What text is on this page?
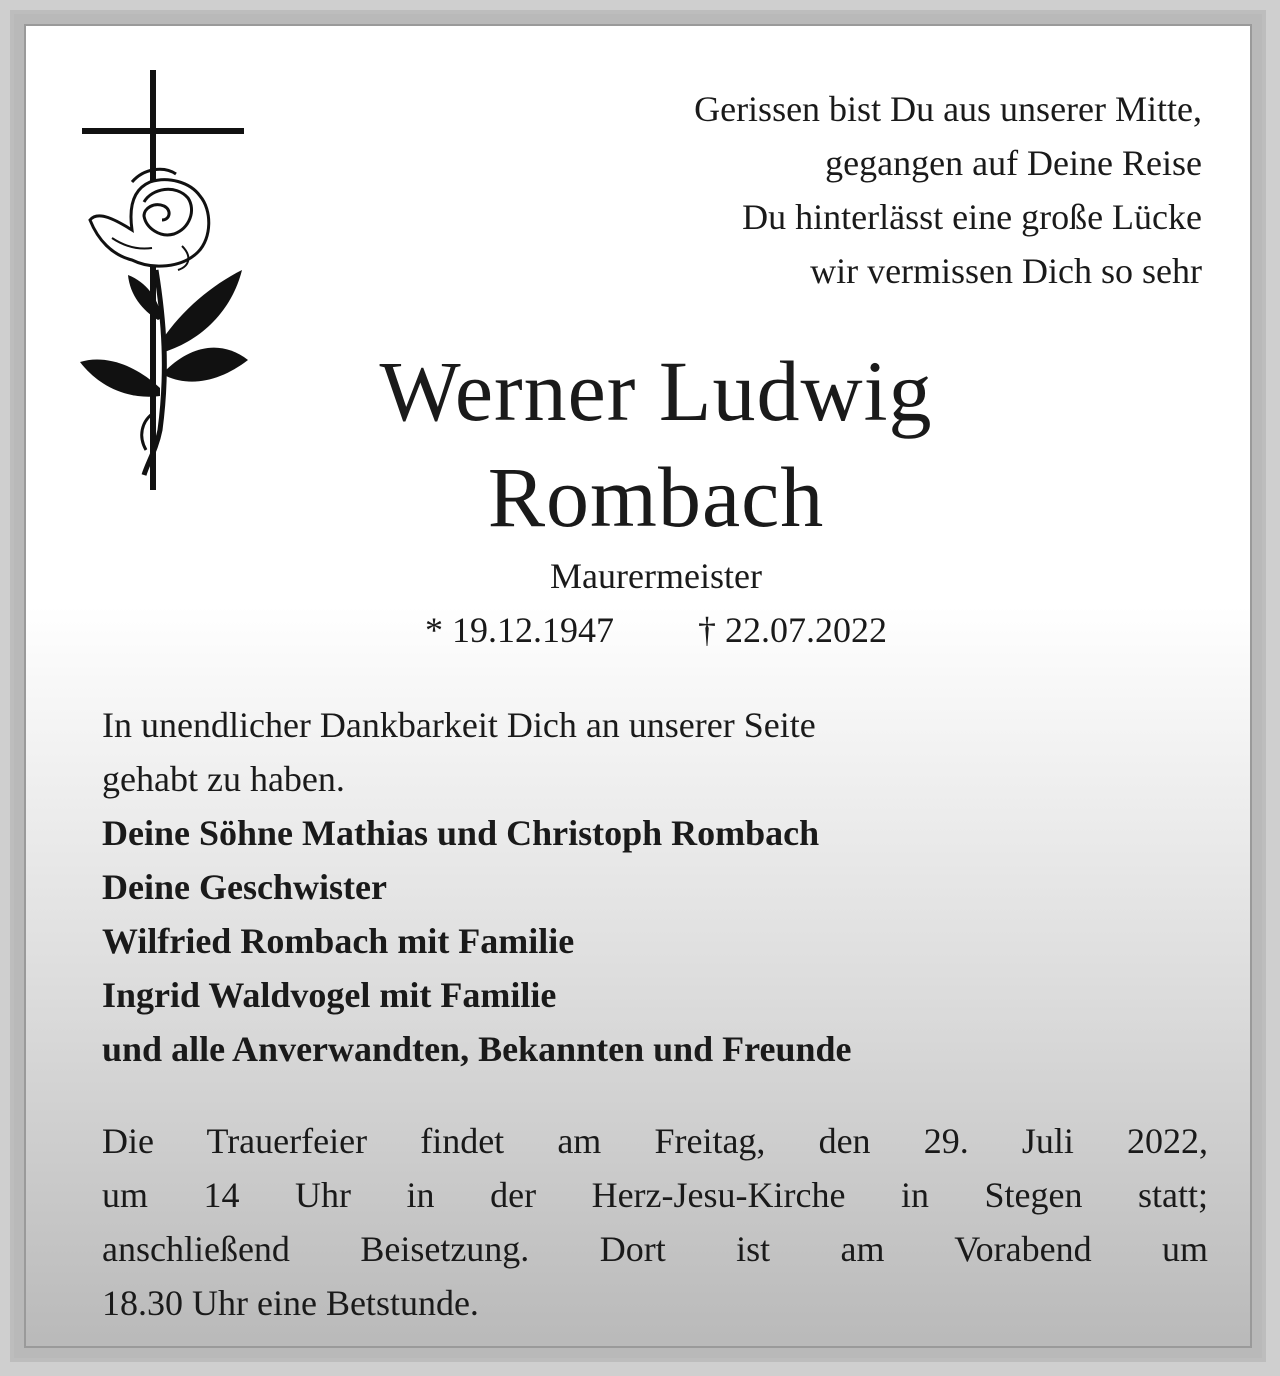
Gerissen bist Du aus unserer Mitte,
gegangen auf Deine Reise
Du hinterlässt eine große Lücke
wir vermissen Dich so sehr
Werner Ludwig
Rombach
Maurermeister
* 19.12.1947 † 22.07.2022
In unendlicher Dankbarkeit Dich an unserer Seite
gehabt zu haben.
Deine Söhne Mathias und Christoph Rombach
Deine Geschwister
Wilfried Rombach mit Familie
Ingrid Waldvogel mit Familie
und alle Anverwandten, Bekannten und Freunde
Die Trauerfeier findet am Freitag, den 29. Juli 2022,
um 14 Uhr in der Herz-Jesu-Kirche in Stegen statt;
anschließend Beisetzung. Dort ist am Vorabend um
18.30 Uhr eine Betstunde.
